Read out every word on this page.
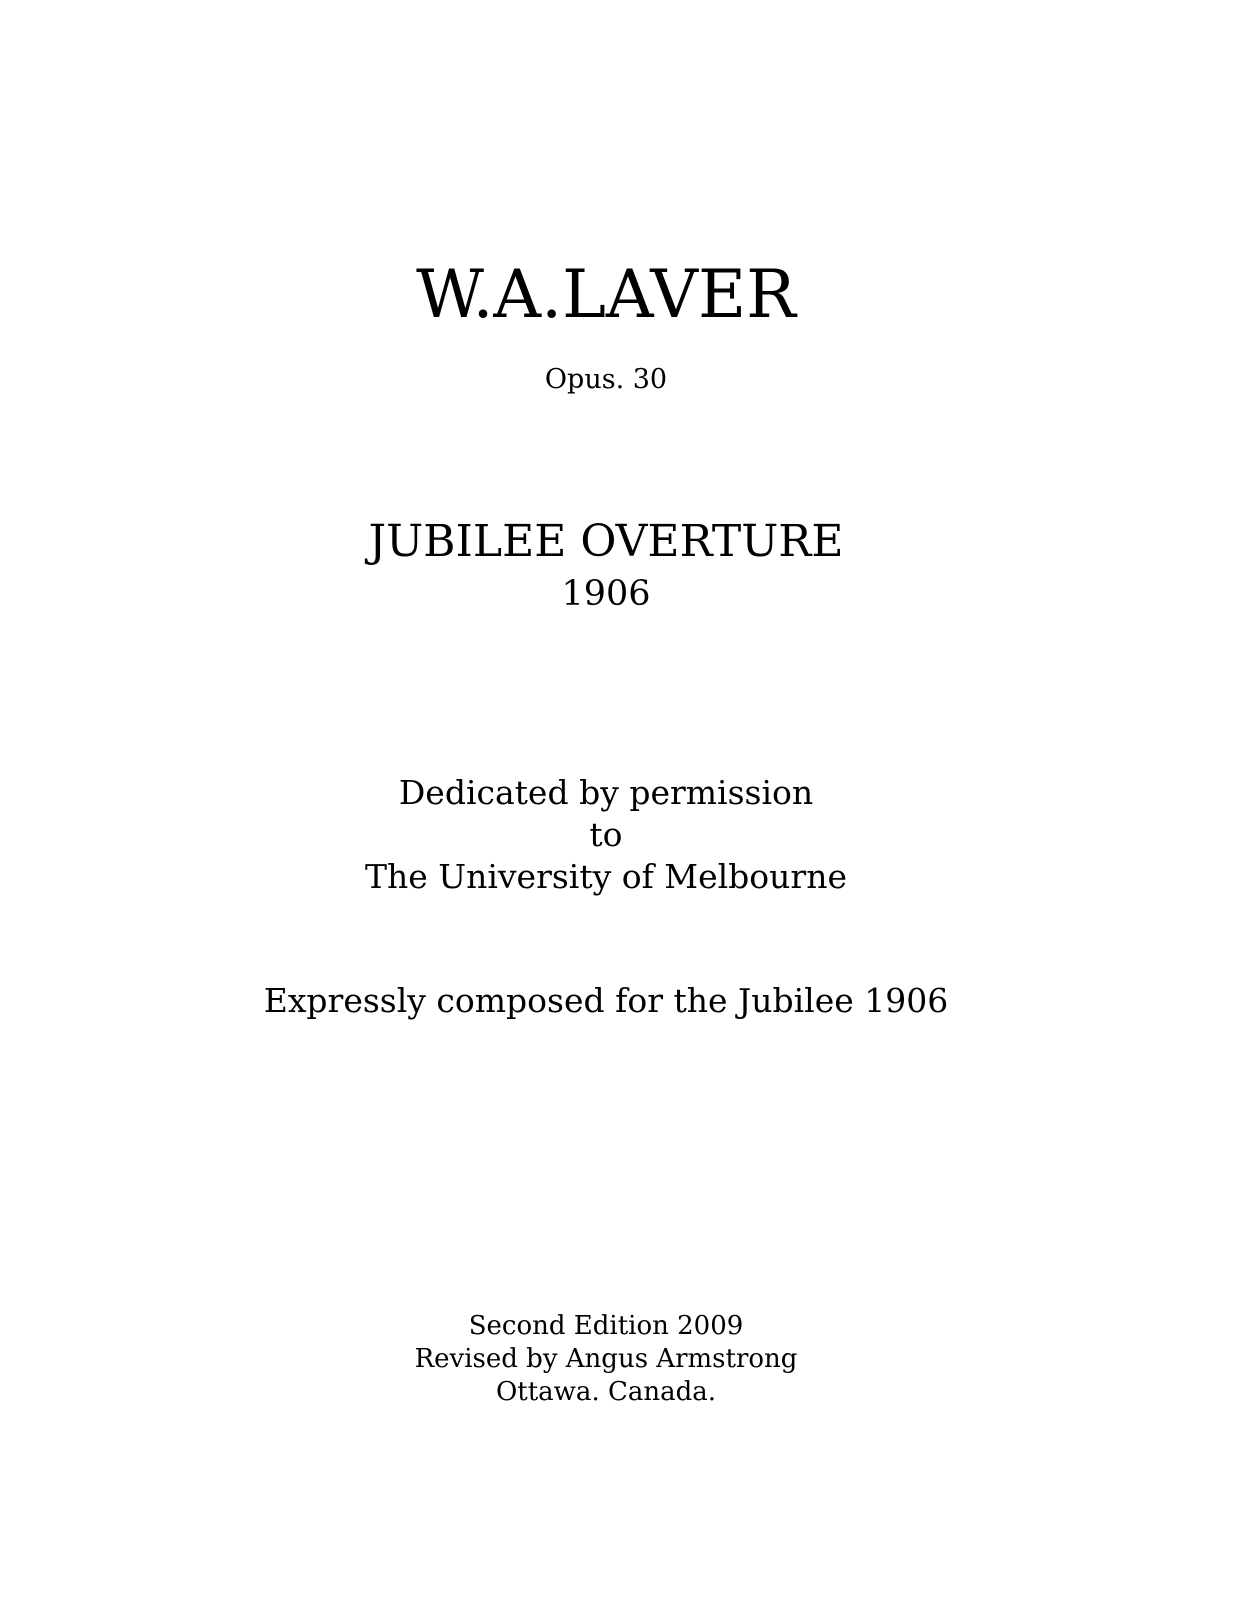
W.A.LAVER
Opus. 30
JUBILEE OVERTURE
1906
Dedicated by permission
to
The University of Melbourne
Expressly composed for the Jubilee 1906
Second Edition 2009
Revised by Angus Armstrong
Ottawa. Canada.
